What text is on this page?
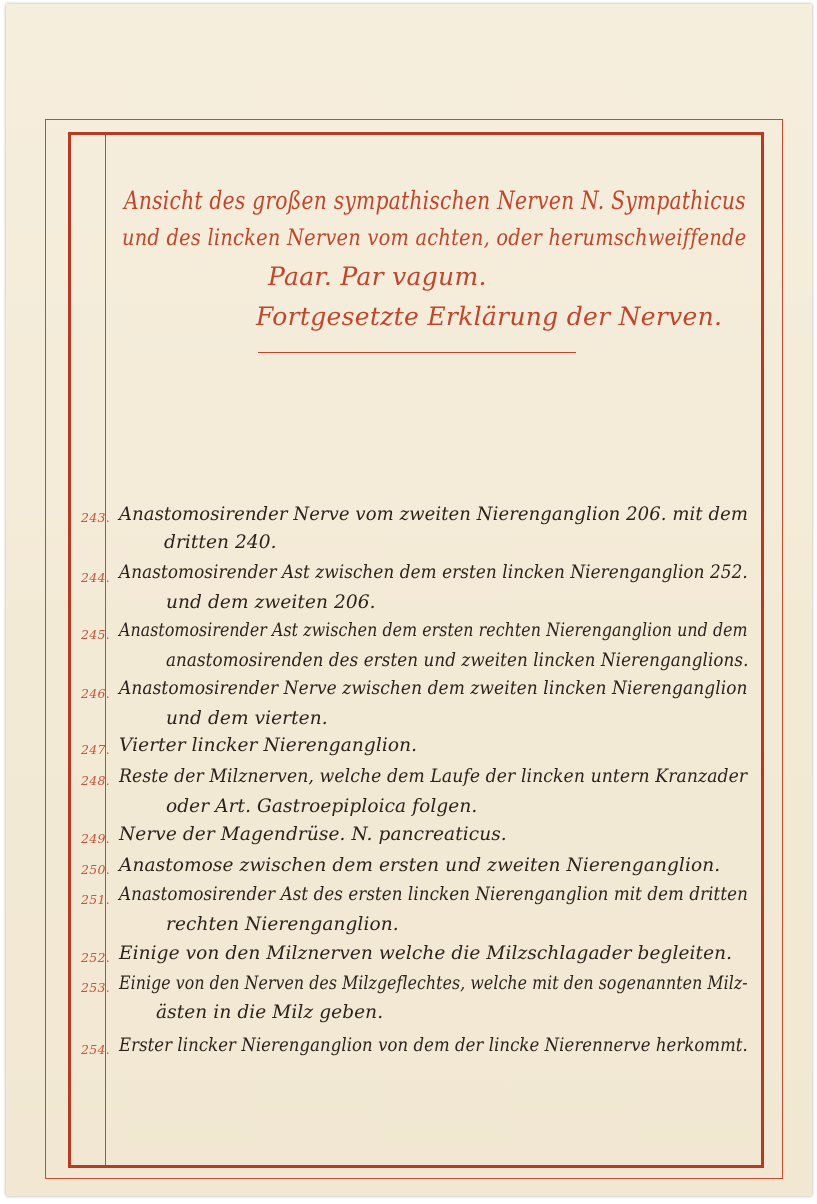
Ansicht des großen sympathischen Nerven N. Sympathicus
und des lincken Nerven vom achten, oder herumschweiffende
Paar. Par vagum.
Fortgesetzte Erklärung der Nerven.
243. Anastomosirender Nerve vom zweiten Nierenganglion 206. mit dem
dritten 240.
244. Anastomosirender Ast zwischen dem ersten lincken Nierenganglion 252.
und dem zweiten 206.
245. Anastomosirender Ast zwischen dem ersten rechten Nierenganglion und dem
anastomosirenden des ersten und zweiten lincken Nierenganglions.
246. Anastomosirender Nerve zwischen dem zweiten lincken Nierenganglion
und dem vierten.
247. Vierter lincker Nierenganglion.
248. Reste der Milznerven, welche dem Laufe der lincken untern Kranzader
oder Art. Gastroepiploica folgen.
249. Nerve der Magendrüse. N. pancreaticus.
250. Anastomose zwischen dem ersten und zweiten Nierenganglion.
251. Anastomosirender Ast des ersten lincken Nierenganglion mit dem dritten
rechten Nierenganglion.
252. Einige von den Milznerven welche die Milzschlagader begleiten.
253. Einige von den Nerven des Milzgeflechtes, welche mit den sogenannten Milz-
ästen in die Milz geben.
254. Erster lincker Nierenganglion von dem der lincke Nierennerve herkommt.
